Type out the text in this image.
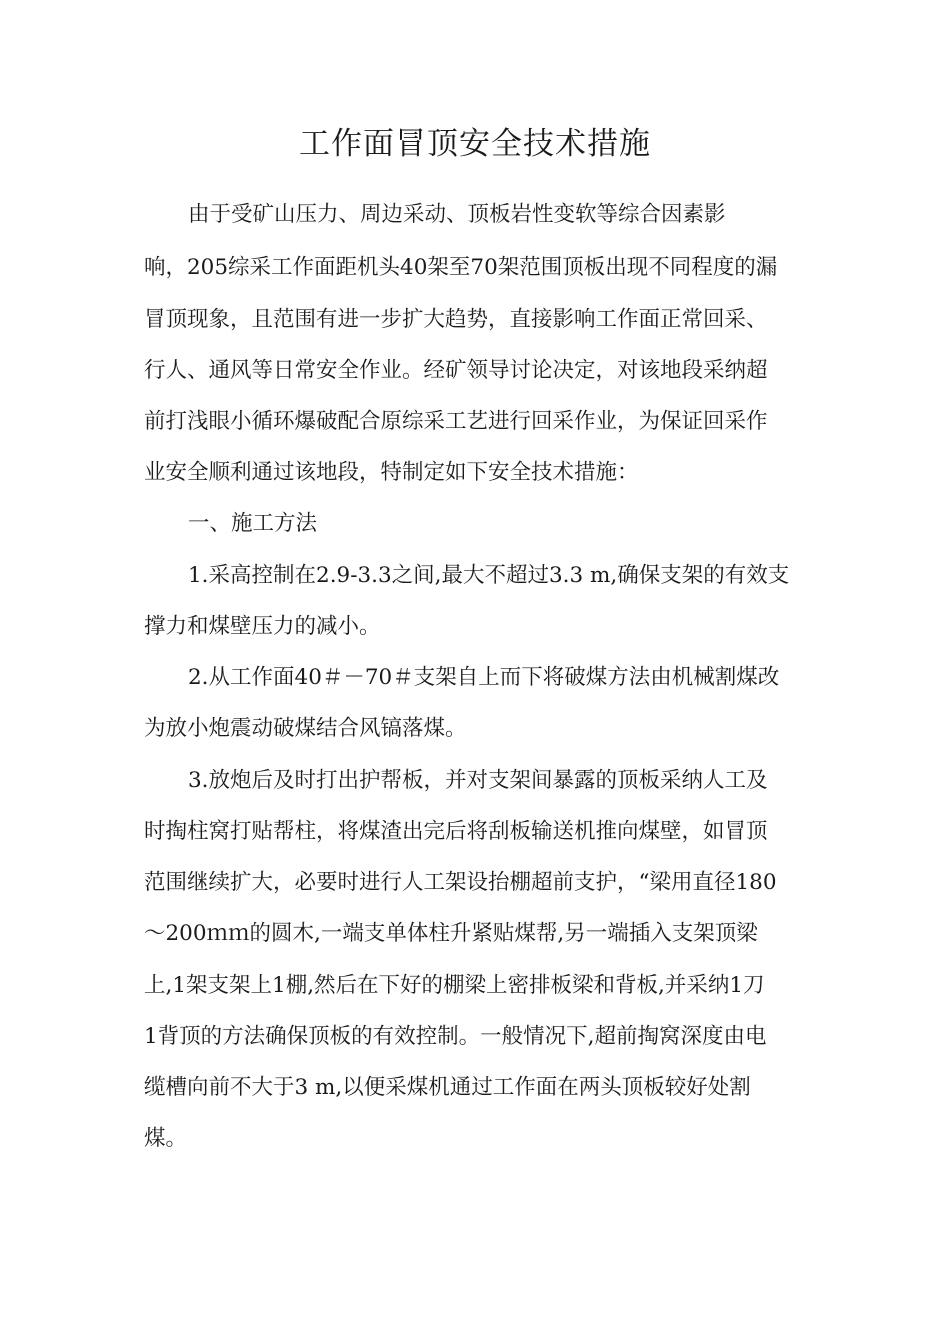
工作面冒顶安全技术措施
由于受矿山压力、周边采动、顶板岩性变软等综合因素影
响，205综采工作面距机头40架至70架范围顶板出现不同程度的漏
冒顶现象，且范围有进一步扩大趋势，直接影响工作面正常回采、
行人、通风等日常安全作业。经矿领导讨论决定，对该地段采纳超
前打浅眼小循环爆破配合原综采工艺进行回采作业，为保证回采作
业安全顺利通过该地段，特制定如下安全技术措施：
一、施工方法
1.采高控制在2.9-3.3之间,最大不超过3.3 m,确保支架的有效支
撑力和煤壁压力的减小。
2.从工作面40＃－70＃支架自上而下将破煤方法由机械割煤改
为放小炮震动破煤结合风镐落煤。
3.放炮后及时打出护帮板，并对支架间暴露的顶板采纳人工及
时掏柱窝打贴帮柱，将煤渣出完后将刮板输送机推向煤壁，如冒顶
范围继续扩大，必要时进行人工架设抬棚超前支护，“梁用直径180
～200ｍｍ的圆木,一端支单体柱升紧贴煤帮,另一端插入支架顶梁
上,1架支架上1棚,然后在下好的棚梁上密排板梁和背板,并采纳1刀
1背顶的方法确保顶板的有效控制。一般情况下,超前掏窝深度由电
缆槽向前不大于3 m,以便采煤机通过工作面在两头顶板较好处割
煤。
